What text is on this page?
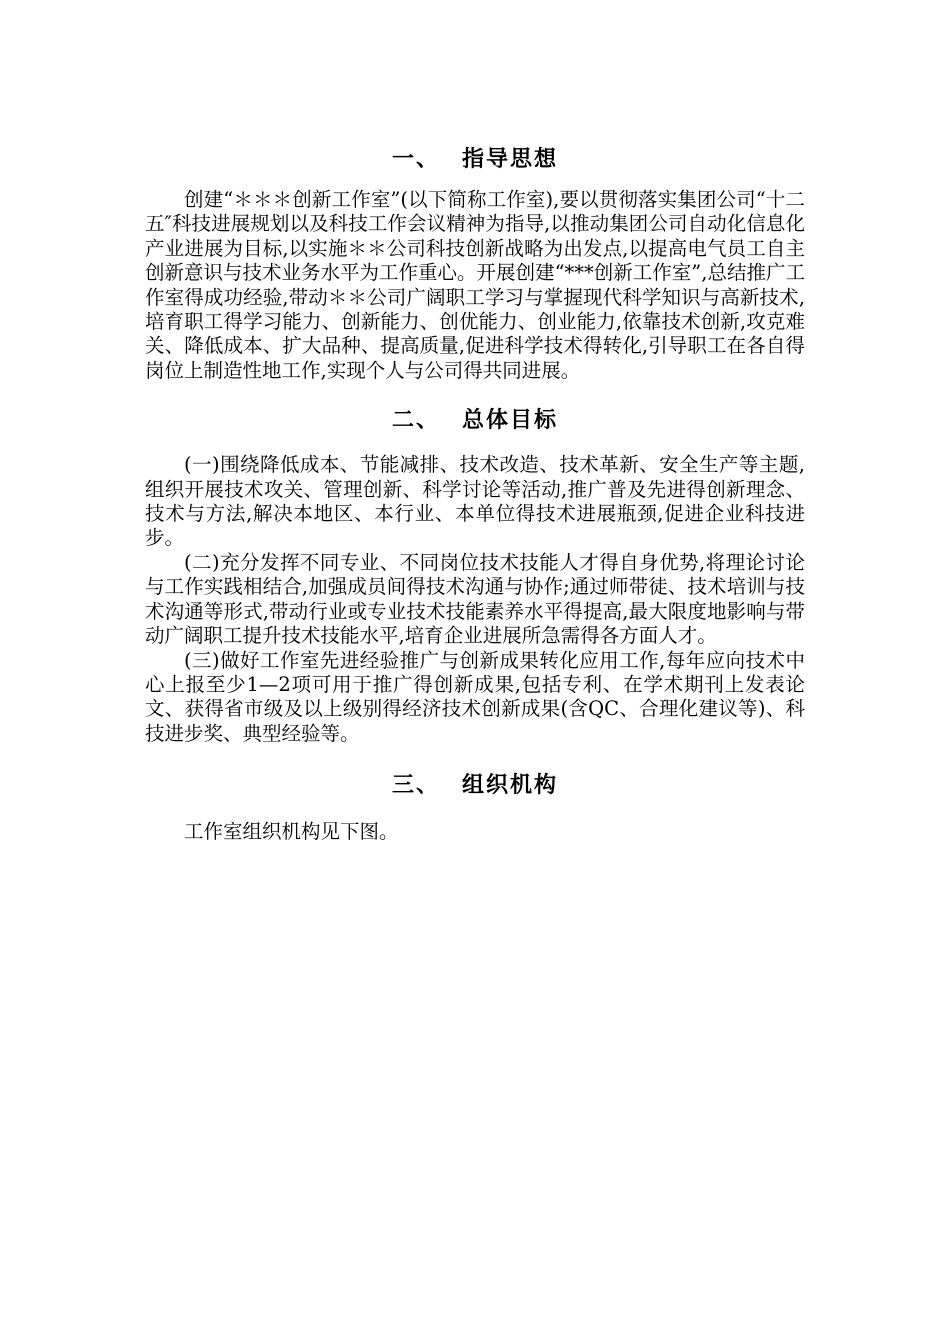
一、 指导思想

创建“＊＊＊创新工作室”(以下简称工作室),要以贯彻落实集团公司“十二五″科技进展规划以及科技工作会议精神为指导,以推动集团公司自动化信息化产业进展为目标,以实施＊＊公司科技创新战略为出发点,以提高电气员工自主创新意识与技术业务水平为工作重心。开展创建“***创新工作室”,总结推广工作室得成功经验,带动＊＊公司广阔职工学习与掌握现代科学知识与高新技术,培育职工得学习能力、创新能力、创优能力、创业能力,依靠技术创新,攻克难关、降低成本、扩大品种、提高质量,促进科学技术得转化,引导职工在各自得岗位上制造性地工作,实现个人与公司得共同进展。

二、 总体目标

(一)围绕降低成本、节能减排、技术改造、技术革新、安全生产等主题,组织开展技术攻关、管理创新、科学讨论等活动,推广普及先进得创新理念、技术与方法,解决本地区、本行业、本单位得技术进展瓶颈,促进企业科技进步。

(二)充分发挥不同专业、不同岗位技术技能人才得自身优势,将理论讨论与工作实践相结合,加强成员间得技术沟通与协作;通过师带徒、技术培训与技术沟通等形式,带动行业或专业技术技能素养水平得提高,最大限度地影响与带动广阔职工提升技术技能水平,培育企业进展所急需得各方面人才。

(三)做好工作室先进经验推广与创新成果转化应用工作,每年应向技术中心上报至少1—2项可用于推广得创新成果,包括专利、在学术期刊上发表论文、获得省市级及以上级别得经济技术创新成果(含QC、合理化建议等)、科技进步奖、典型经验等。

三、 组织机构

工作室组织机构见下图。
